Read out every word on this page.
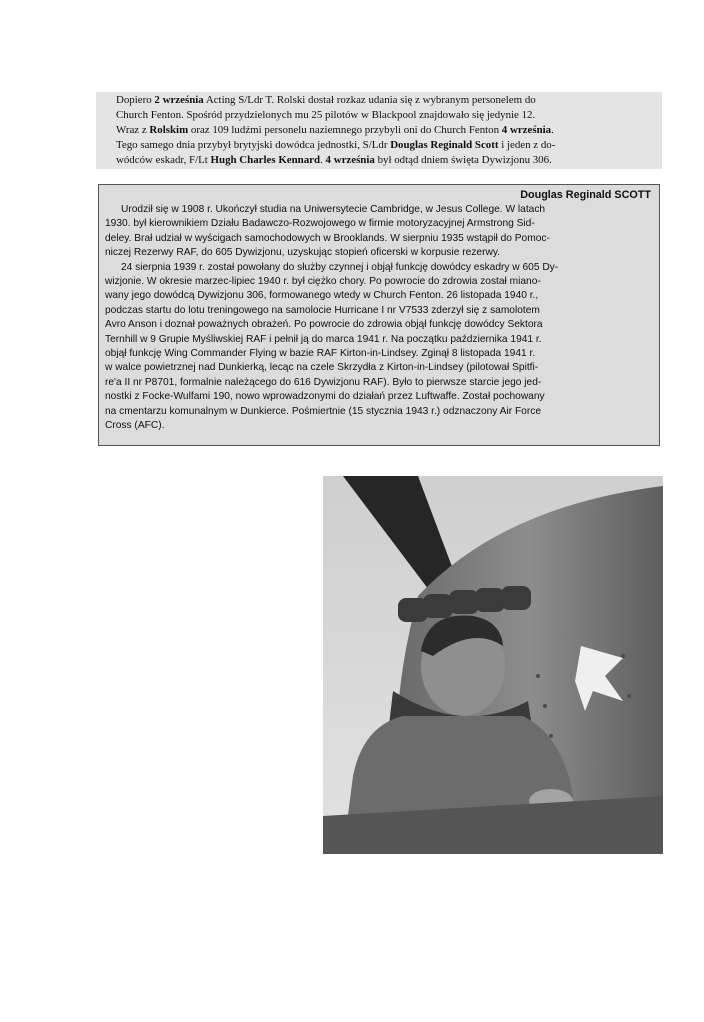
Dopiero 2 września Acting S/Ldr T. Rolski dostał rozkaz udania się z wybranym personelem do
Church Fenton. Spośród przydzielonych mu 25 pilotów w Blackpool znajdowało się jedynie 12.
Wraz z Rolskim oraz 109 ludźmi personelu naziemnego przybyli oni do Church Fenton 4 września.
Tego samego dnia przybył brytyjski dowódca jednostki, S/Ldr Douglas Reginald Scott i jeden z do-
wódców eskadr, F/Lt Hugh Charles Kennard. 4 września był odtąd dniem święta Dywizjonu 306.

Douglas Reginald SCOTT
Urodził się w 1908 r. Ukończył studia na Uniwersytecie Cambridge, w Jesus College. W latach
1930. był kierownikiem Działu Badawczo-Rozwojowego w firmie motoryzacyjnej Armstrong Sid-
deley. Brał udział w wyścigach samochodowych w Brooklands. W sierpniu 1935 wstąpił do Pomoc-
niczej Rezerwy RAF, do 605 Dywizjonu, uzyskując stopień oficerski w korpusie rezerwy.
24 sierpnia 1939 r. został powołany do służby czynnej i objął funkcję dowódcy eskadry w 605 Dy-
wizjonie. W okresie marzec-lipiec 1940 r. był ciężko chory. Po powrocie do zdrowia został miano-
wany jego dowódcą Dywizjonu 306, formowanego wtedy w Church Fenton. 26 listopada 1940 r.,
podczas startu do lotu treningowego na samolocie Hurricane I nr V7533 zderzył się z samolotem
Avro Anson i doznał poważnych obrażeń. Po powrocie do zdrowia objął funkcję dowódcy Sektora
Ternhill w 9 Grupie Myśliwskiej RAF i pełnił ją do marca 1941 r. Na początku października 1941 r.
objął funkcję Wing Commander Flying w bazie RAF Kirton-in-Lindsey. Zginął 8 listopada 1941 r.
w walce powietrznej nad Dunkierką, lecąc na czele Skrzydła z Kirton-in-Lindsey (pilotował Spitfi-
re'a II nr P8701, formalnie należącego do 616 Dywizjonu RAF). Było to pierwsze starcie jego jed-
nostki z Focke-Wulfami 190, nowo wprowadzonymi do działań przez Luftwaffe. Został pochowany
na cmentarzu komunalnym w Dunkierce. Pośmiertnie (15 stycznia 1943 r.) odznaczony Air Force
Cross (AFC).
